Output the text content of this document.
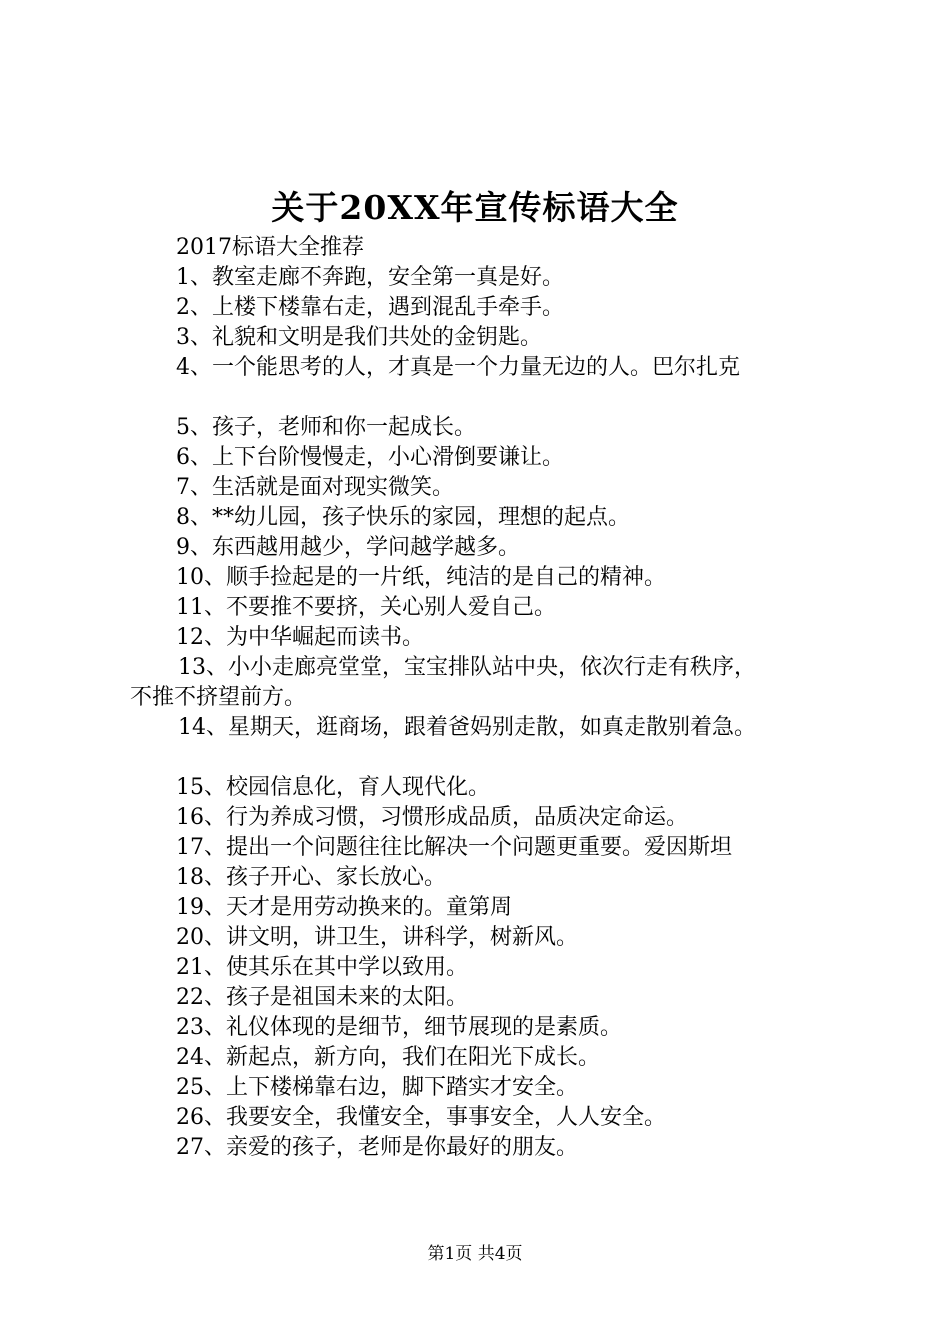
关于20XX年宣传标语大全
2017标语大全推荐
1、教室走廊不奔跑，安全第一真是好。
2、上楼下楼靠右走，遇到混乱手牵手。
3、礼貌和文明是我们共处的金钥匙。
4、一个能思考的人，才真是一个力量无边的人。巴尔扎克
5、孩子，老师和你一起成长。
6、上下台阶慢慢走，小心滑倒要谦让。
7、生活就是面对现实微笑。
8、**幼儿园，孩子快乐的家园，理想的起点。
9、东西越用越少，学问越学越多。
10、顺手捡起是的一片纸，纯洁的是自己的精神。
11、不要推不要挤，关心别人爱自己。
12、为中华崛起而读书。
13、小小走廊亮堂堂，宝宝排队站中央，依次行走有秩序，
不推不挤望前方。
14、星期天，逛商场，跟着爸妈别走散，如真走散别着急。
15、校园信息化，育人现代化。
16、行为养成习惯，习惯形成品质，品质决定命运。
17、提出一个问题往往比解决一个问题更重要。爱因斯坦
18、孩子开心、家长放心。
19、天才是用劳动换来的。童第周
20、讲文明，讲卫生，讲科学，树新风。
21、使其乐在其中学以致用。
22、孩子是祖国未来的太阳。
23、礼仪体现的是细节，细节展现的是素质。
24、新起点，新方向，我们在阳光下成长。
25、上下楼梯靠右边，脚下踏实才安全。
26、我要安全，我懂安全，事事安全，人人安全。
27、亲爱的孩子，老师是你最好的朋友。
第1页 共4页
